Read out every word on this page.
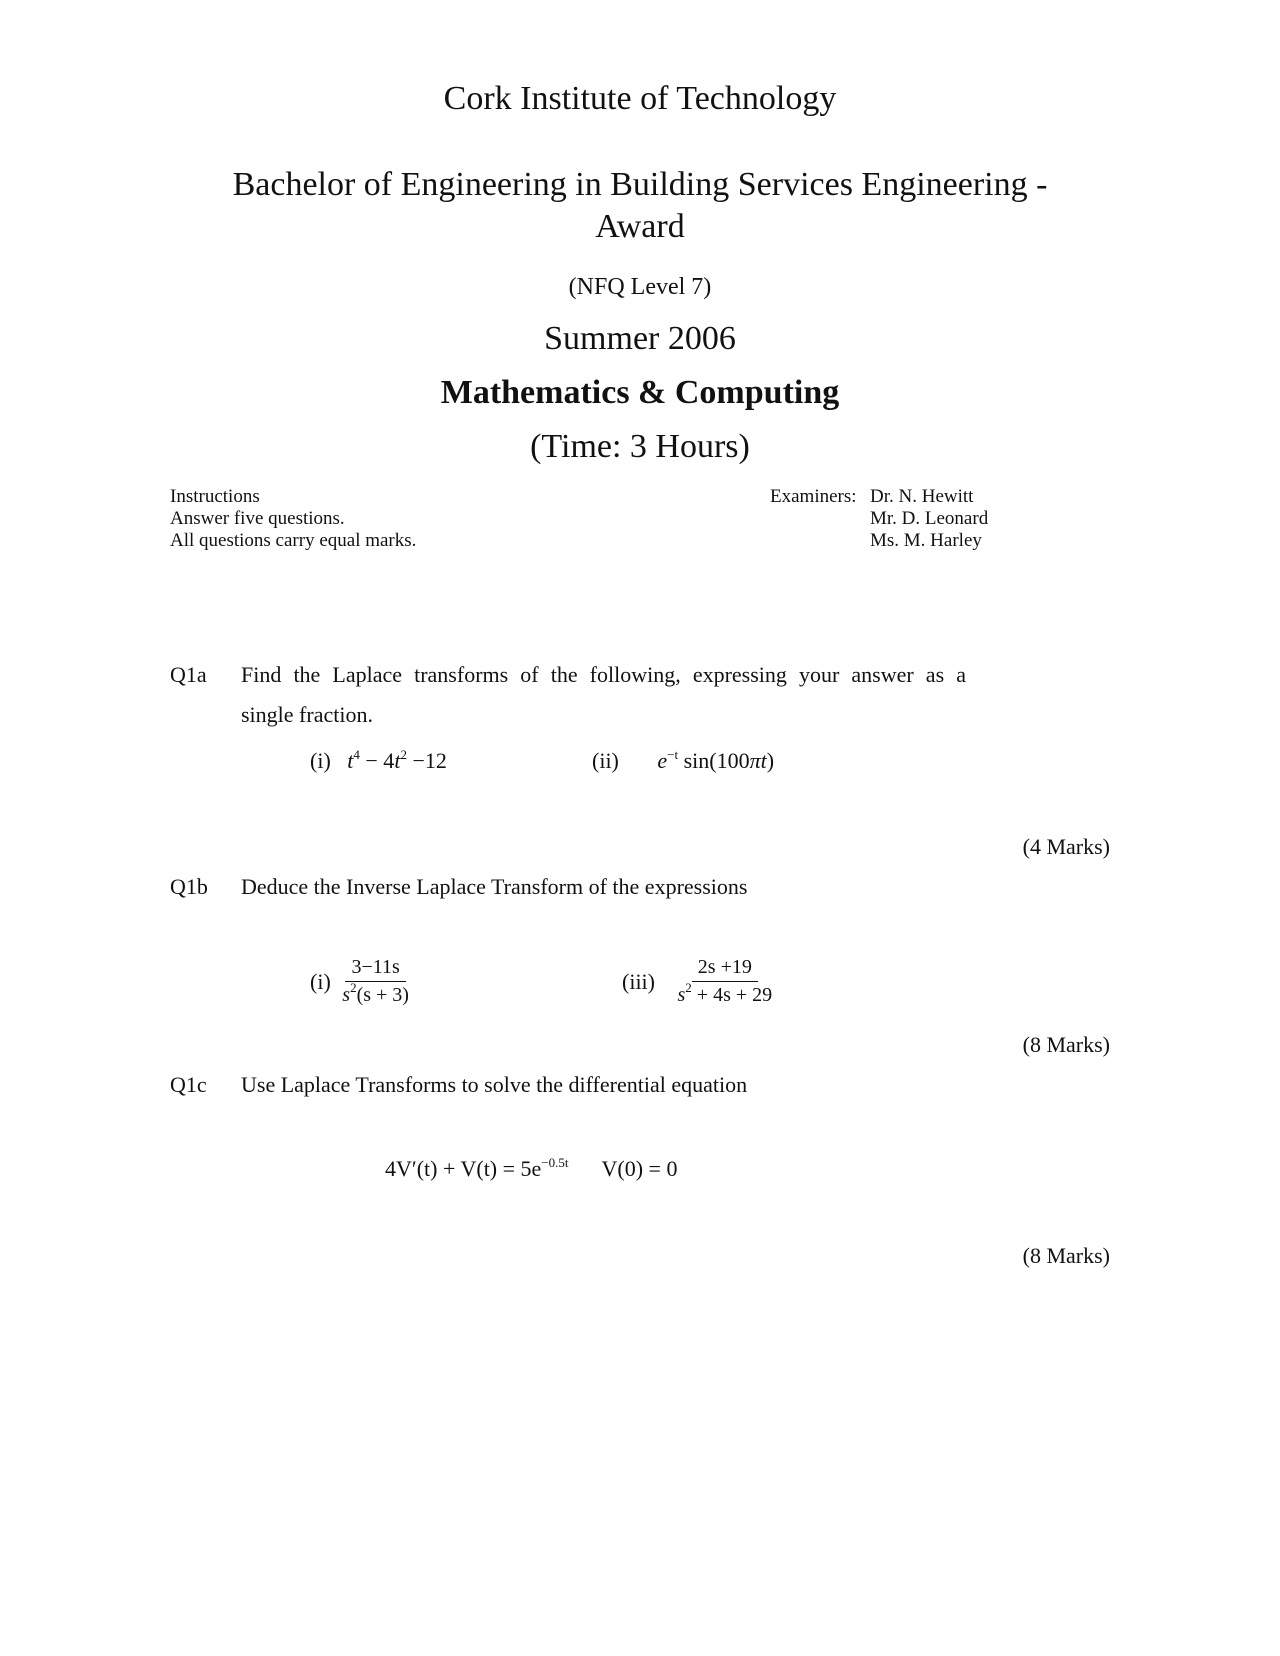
Cork Institute of Technology
Bachelor of Engineering in Building Services Engineering -
Award
(NFQ Level 7)
Summer 2006
Mathematics & Computing
(Time: 3 Hours)
Instructions
Answer five questions.
All questions carry equal marks.
Examiners: Dr. N. Hewitt
Mr. D. Leonard
Ms. M. Harley
Q1a Find the Laplace transforms of the following, expressing your answer as a
single fraction.
(i) $t^4 - 4t^2 -12$	(ii) $e^{-t}$ sin(100πt)
(4 Marks)
Q1b Deduce the Inverse Laplace Transform of the expressions
(i)
$\frac{3-11s}{s^2(s + 3)}$	(iii)
$\frac{2s +19}{s^2 + 4s + 29}$
(8 Marks)
Q1c Use Laplace Transforms to solve the differential equation
$4V'(t) + V(t) = 5e^{-0.5t}$ V(0) = 0
(8 Marks)
